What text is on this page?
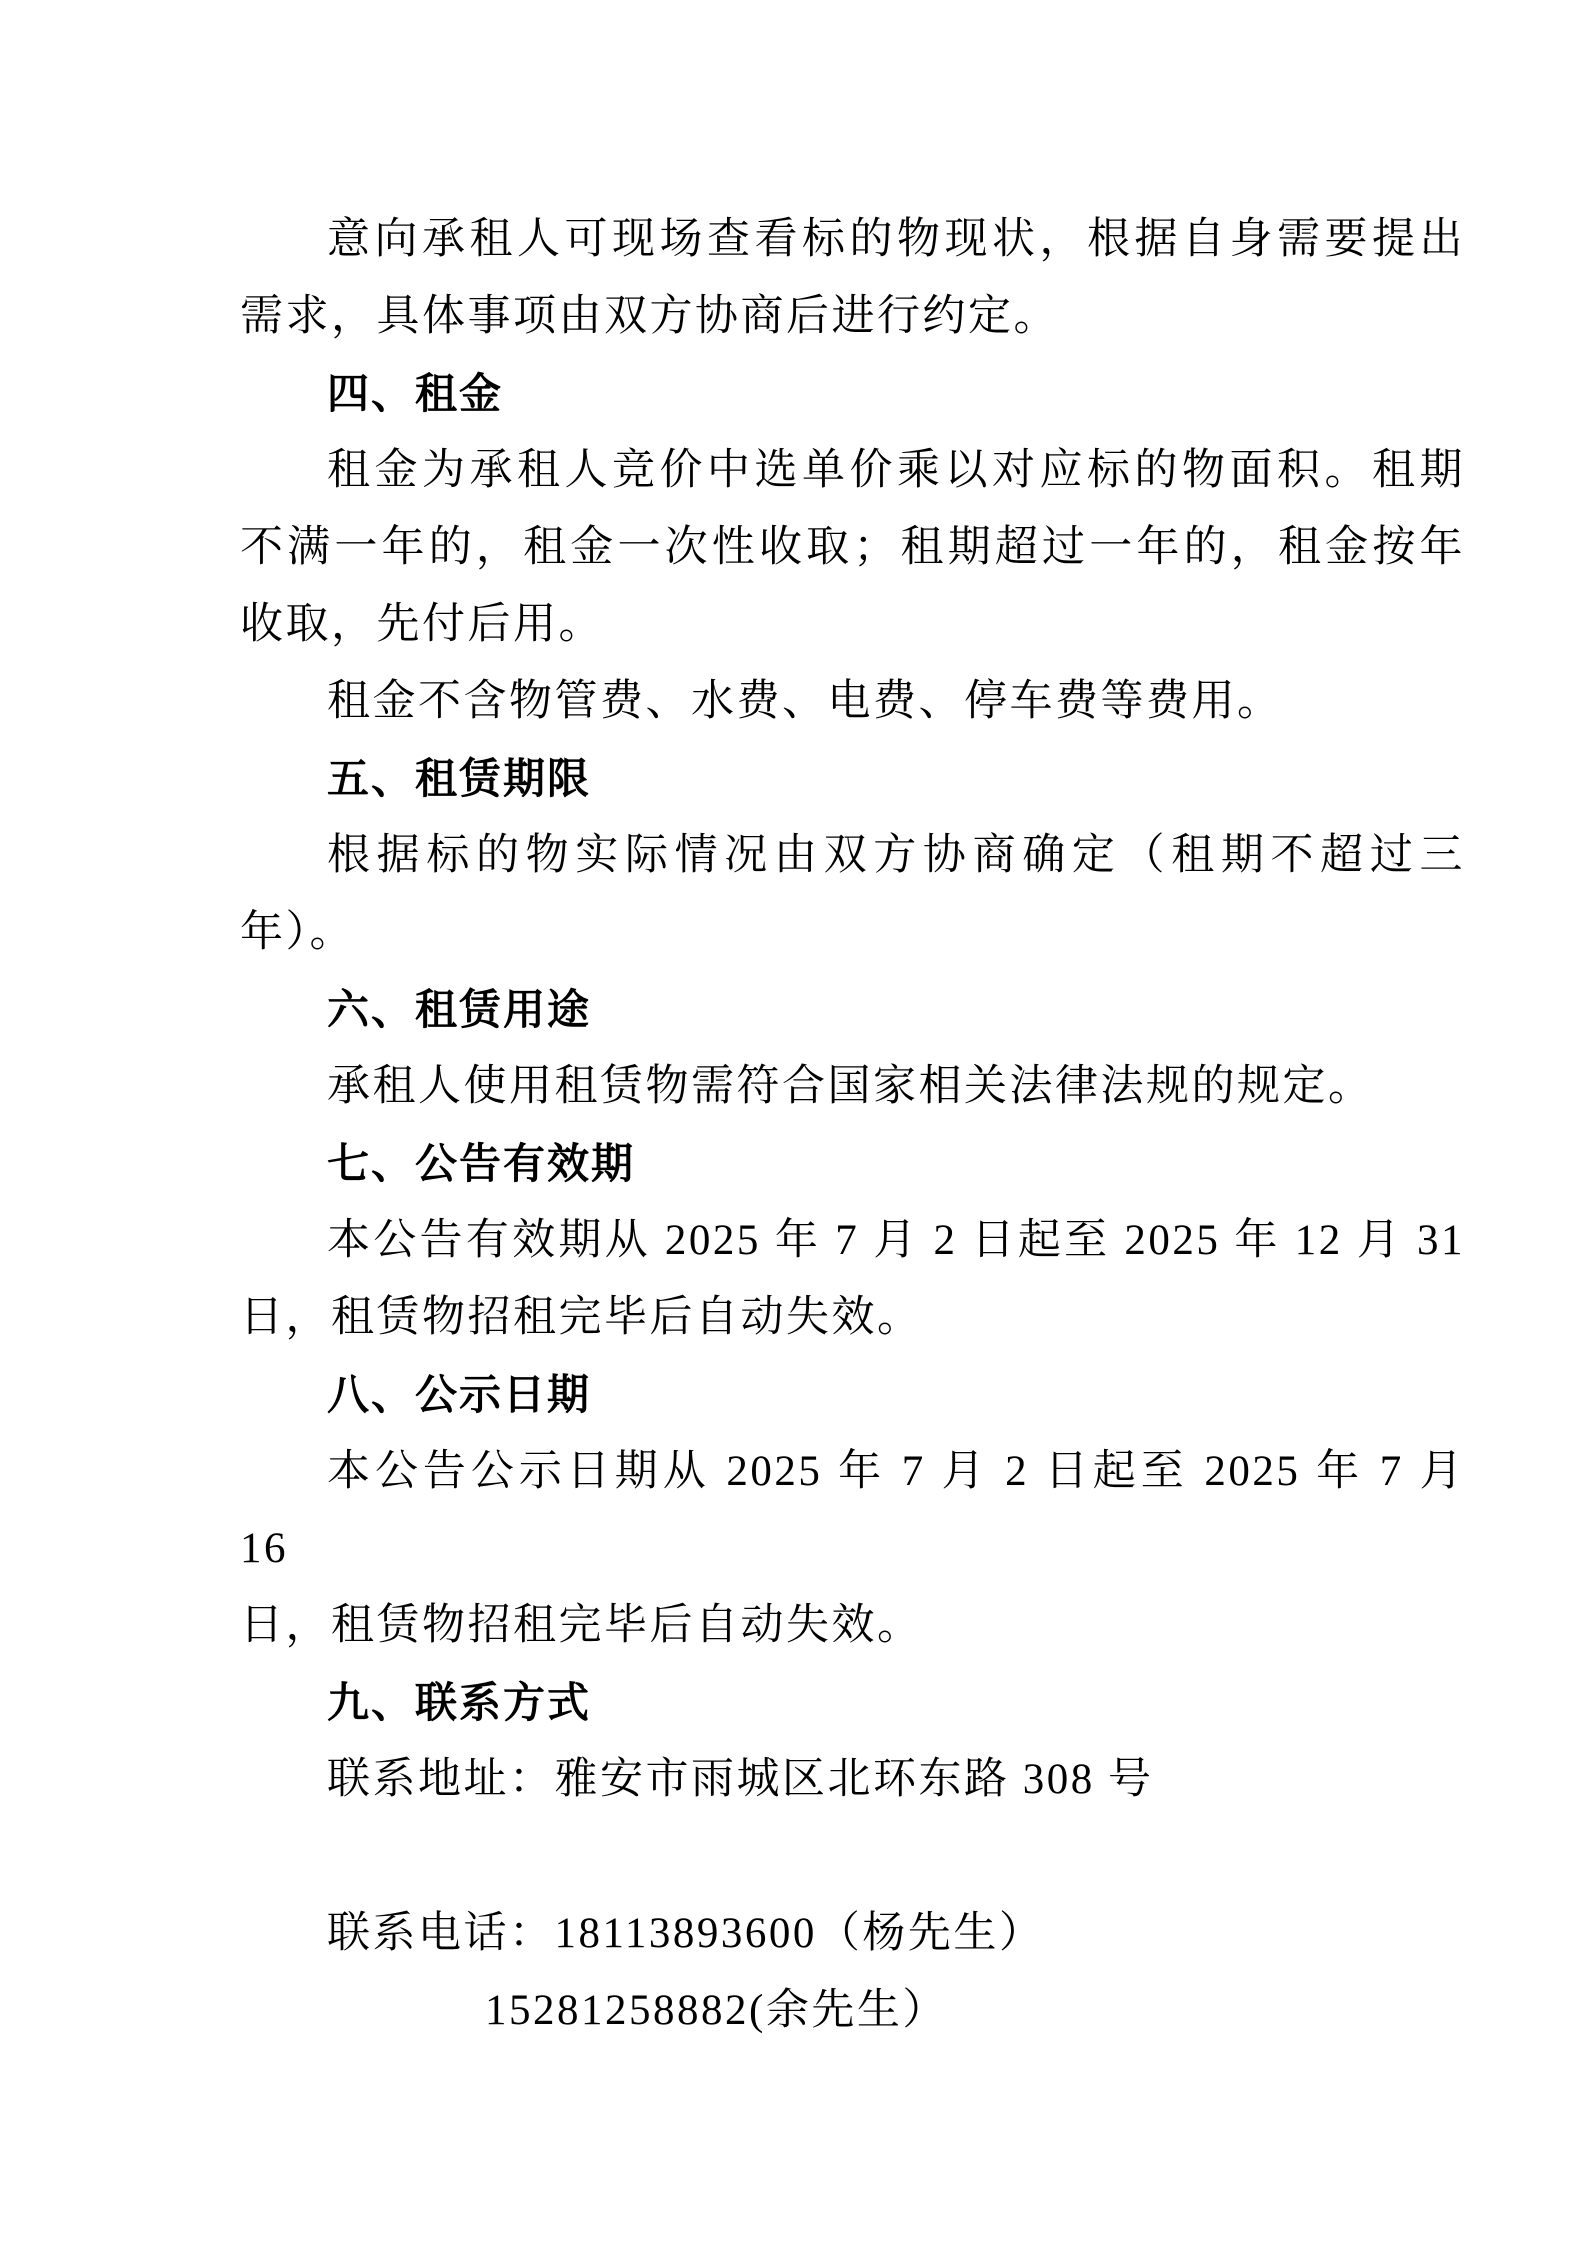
意向承租人可现场查看标的物现状，根据自身需要提出
需求，具体事项由双方协商后进行约定。
四、租金
租金为承租人竞价中选单价乘以对应标的物面积。租期
不满一年的，租金一次性收取；租期超过一年的，租金按年
收取，先付后用。
租金不含物管费、水费、电费、停车费等费用。
五、租赁期限
根据标的物实际情况由双方协商确定（租期不超过三
年）。
六、租赁用途
承租人使用租赁物需符合国家相关法律法规的规定。
七、公告有效期
本公告有效期从 2025 年 7 月 2 日起至 2025 年 12 月 31
日，租赁物招租完毕后自动失效。
八、公示日期
本公告公示日期从 2025 年 7 月 2 日起至 2025 年 7 月 16
日，租赁物招租完毕后自动失效。
九、联系方式
联系地址：雅安市雨城区北环东路 308 号
联系电话：18113893600（杨先生）
15281258882(余先生）
